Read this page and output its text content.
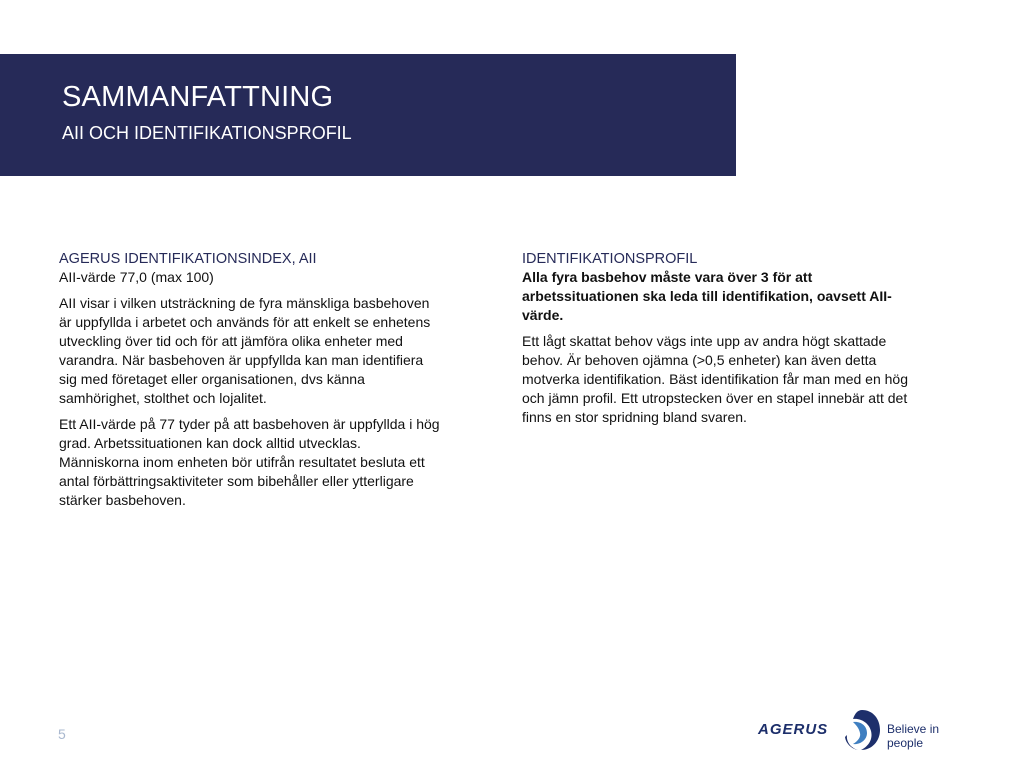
SAMMANFATTNING
AII OCH IDENTIFIKATIONSPROFIL

AGERUS IDENTIFIKATIONSINDEX, AII

AII-värde 77,0 (max 100)

AII visar i vilken utsträckning de fyra mänskliga basbehoven är uppfyllda i arbetet och används för att enkelt se enhetens utveckling över tid och för att jämföra olika enheter med varandra. När basbehoven är uppfyllda kan man identifiera sig med företaget eller organisationen, dvs känna samhörighet, stolthet och lojalitet.

Ett AII-värde på 77 tyder på att basbehoven är uppfyllda i hög grad. Arbetssituationen kan dock alltid utvecklas. Människorna inom enheten bör utifrån resultatet besluta ett antal förbättringsaktiviteter som bibehåller eller ytterligare stärker basbehoven.

IDENTIFIKATIONSPROFIL

Alla fyra basbehov måste vara över 3 för att arbetssituationen ska leda till identifikation, oavsett AII-värde.

Ett lågt skattat behov vägs inte upp av andra högt skattade behov. Är behoven ojämna (>0,5 enheter) kan även detta motverka identifikation. Bäst identifikation får man med en hög och jämn profil. Ett utropstecken över en stapel innebär att det finns en stor spridning bland svaren.

5	AGERUS	Believe in people
